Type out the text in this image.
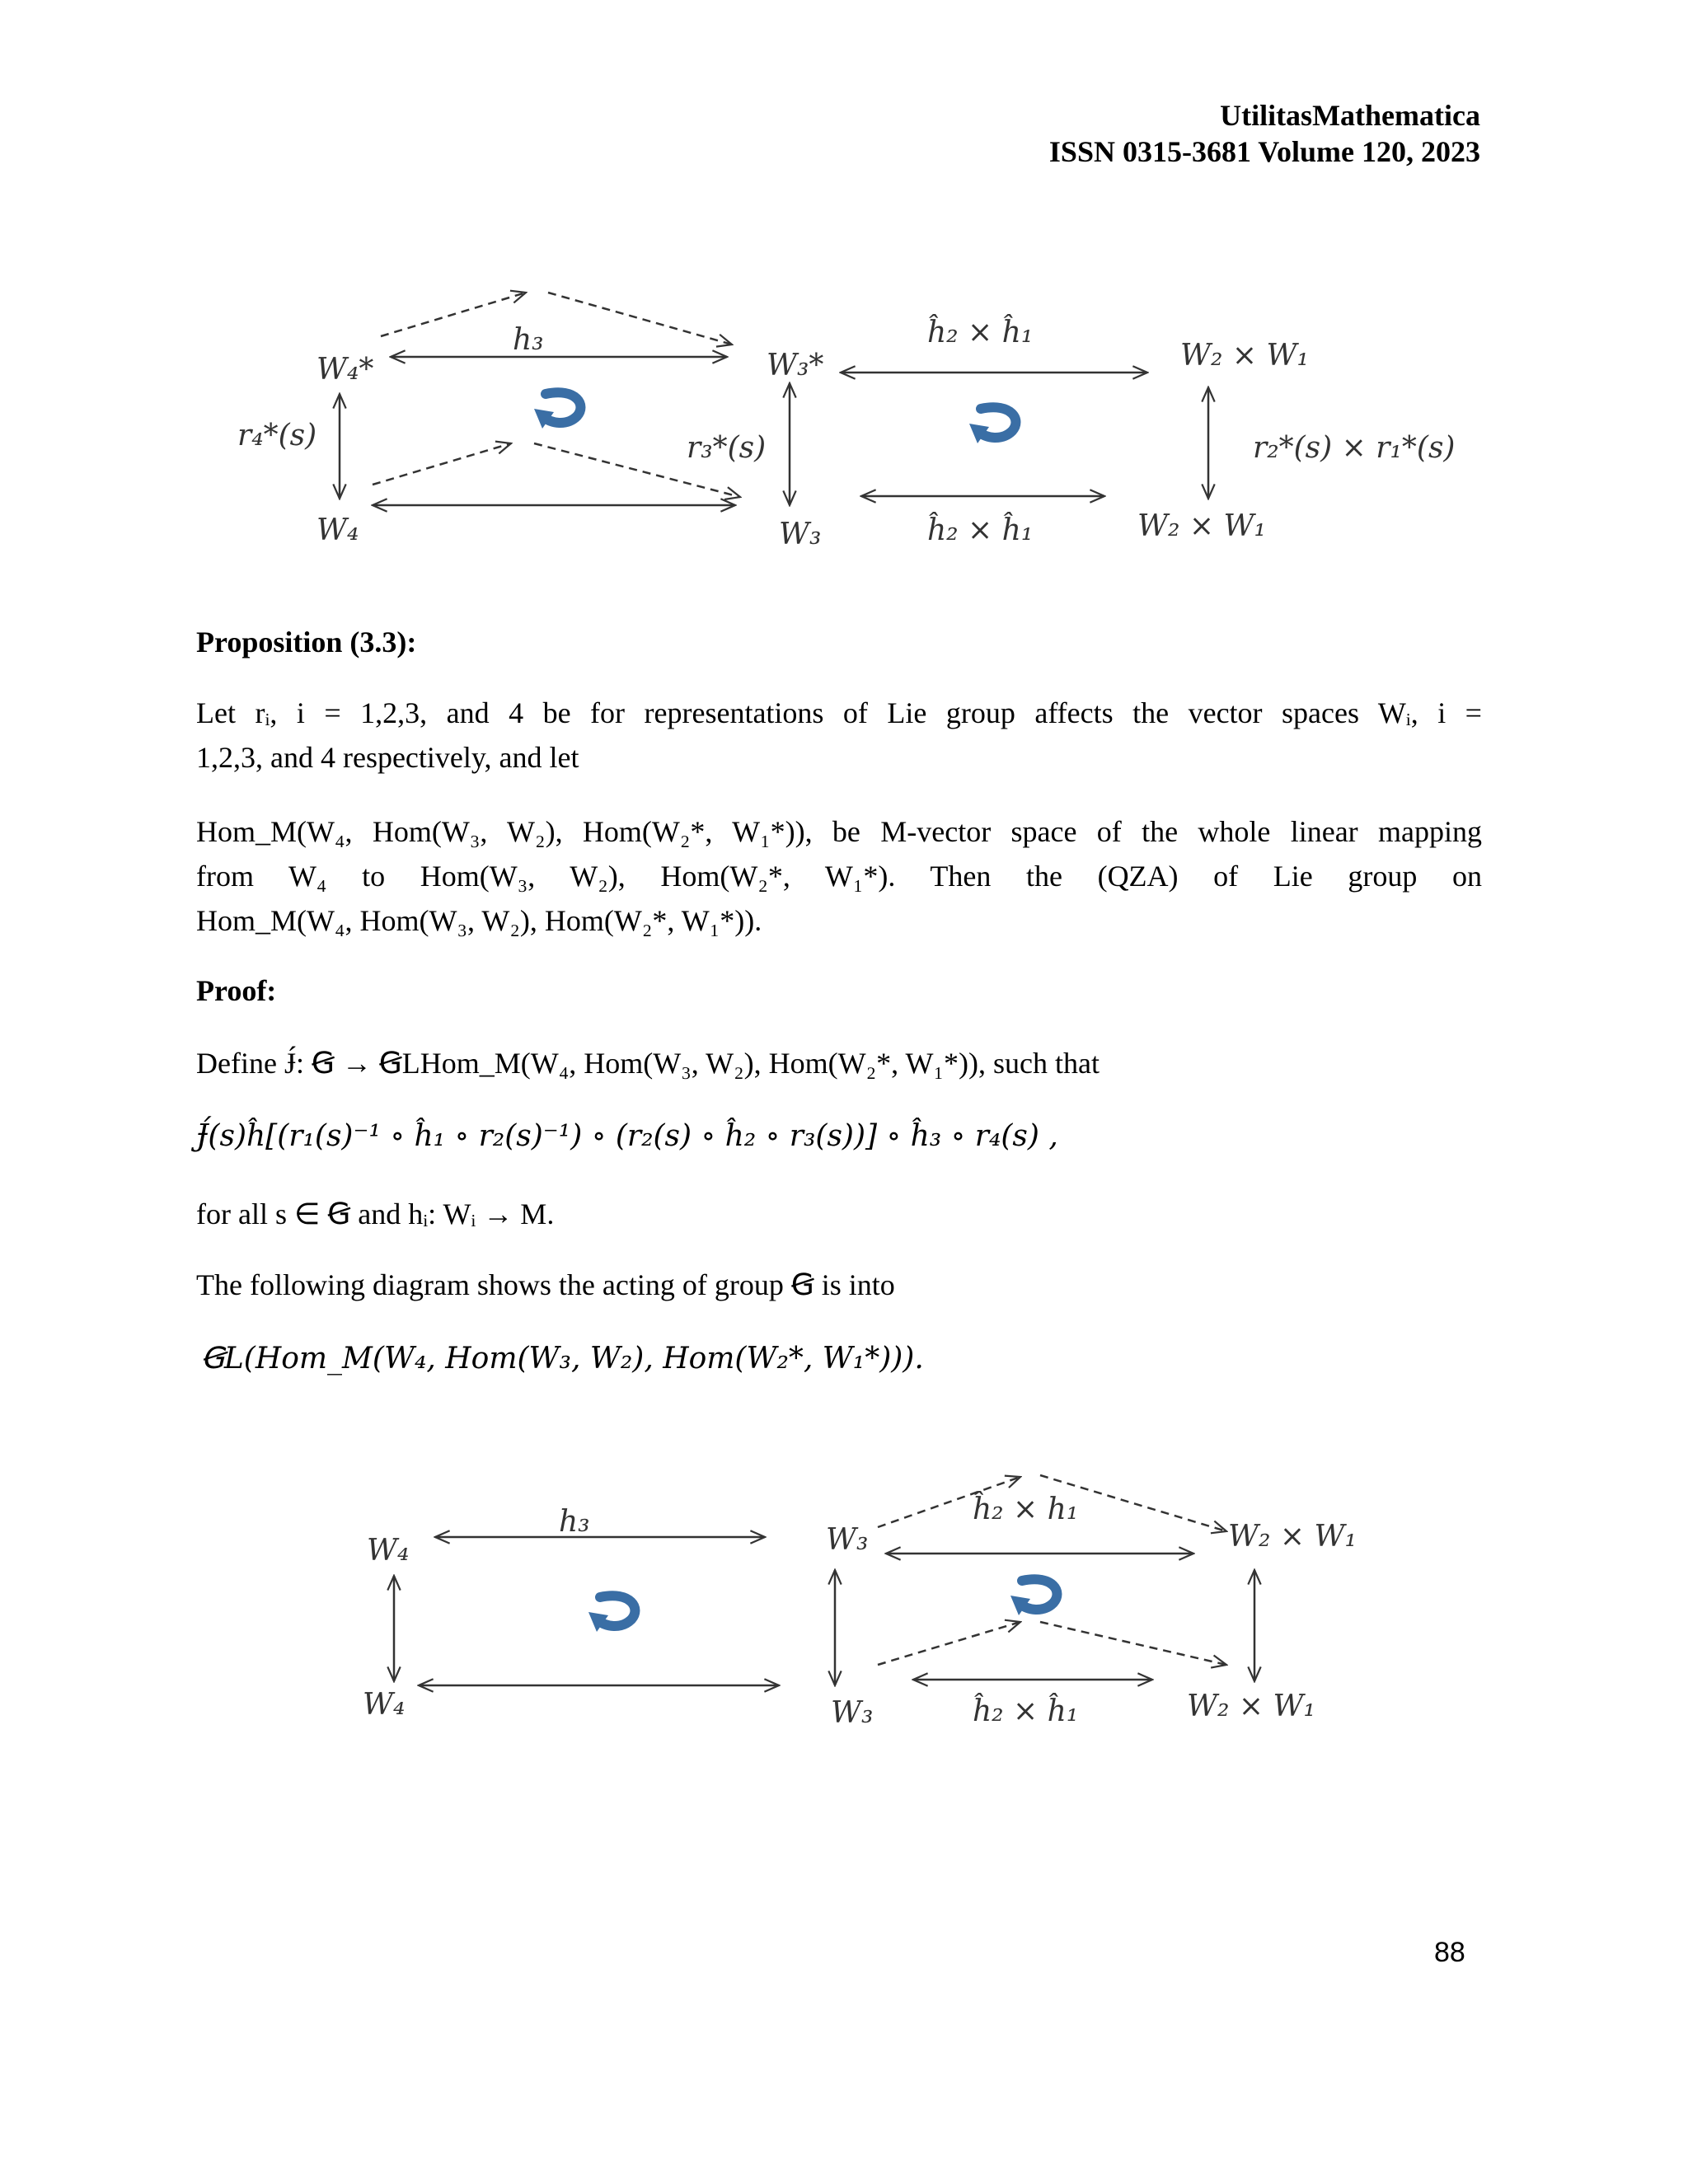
UtilitasMathematica
ISSN 0315-3681 Volume 120, 2023
W₄*
h₃
W₃*
ĥ₂ × ĥ₁
W₂ × W₁
r₄*(s)	r₃*(s)	r₂*(s) × r₁*(s)
W₄	W₃	ĥ₂ × ĥ₁	W₂ × W₁
Proposition (3.3):
Let rᵢ, i = 1,2,3, and 4 be for representations of Lie group affects the vector spaces Wᵢ, i =
1,2,3, and 4 respectively, and let
Hom_M(W₄, Hom(W₃, W₂), Hom(W₂*, W₁*)), be M-vector space of the whole linear mapping
from W₄ to Hom(W₃, W₂), Hom(W₂*, W₁*). Then the (QZA) of Lie group on
Hom_M(W₄, Hom(W₃, W₂), Hom(W₂*, W₁*)).
Proof:
Define Ɉ́: Ꞡ → ꞠLHom_M(W₄, Hom(W₃, W₂), Hom(W₂*, W₁*)), such that
Ɉ́(s)ĥ[(r₁(s)⁻¹ ∘ ĥ₁ ∘ r₂(s)⁻¹) ∘ (r₂(s) ∘ ĥ₂ ∘ r₃(s))] ∘ ĥ₃ ∘ r₄(s) ,
for all s ∈ Ꞡ and hᵢ: Wᵢ → M.
The following diagram shows the acting of group Ꞡ is into
ꞠL(Hom_M(W₄, Hom(W₃, W₂), Hom(W₂*, W₁*))).
W₄
h₃
W₃
ĥ₂ × h₁
W₂ × W₁
W₄	W₃	ĥ₂ × ĥ₁	W₂ × W₁
88
